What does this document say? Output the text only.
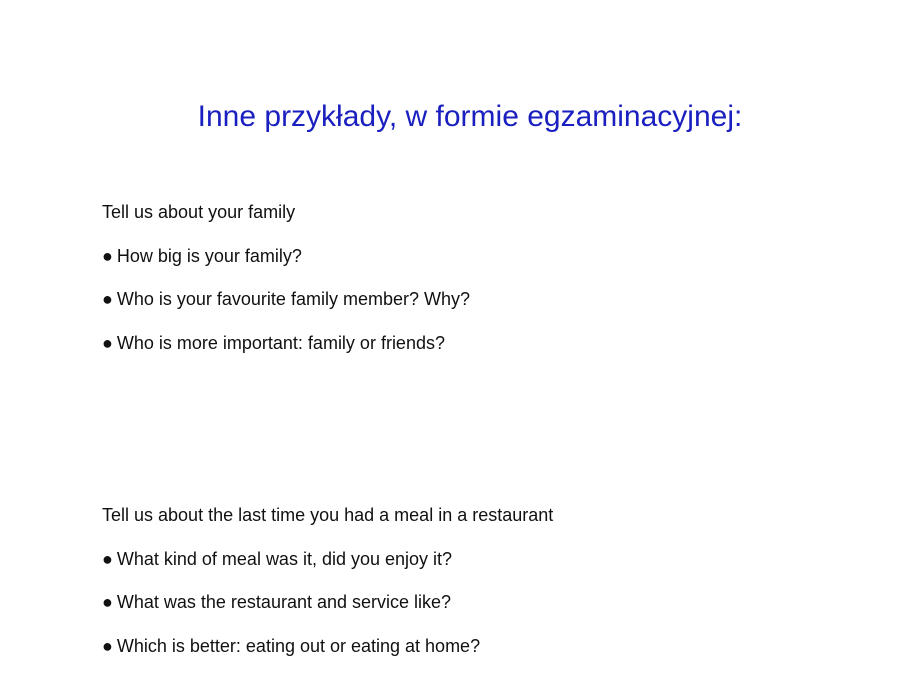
Inne przykłady, w formie egzaminacyjnej:
Tell us about your family
● How big is your family?
● Who is your favourite family member? Why?
● Who is more important: family or friends?
Tell us about the last time you had a meal in a restaurant
● What kind of meal was it, did you enjoy it?
● What was the restaurant and service like?
● Which is better: eating out or eating at home?
